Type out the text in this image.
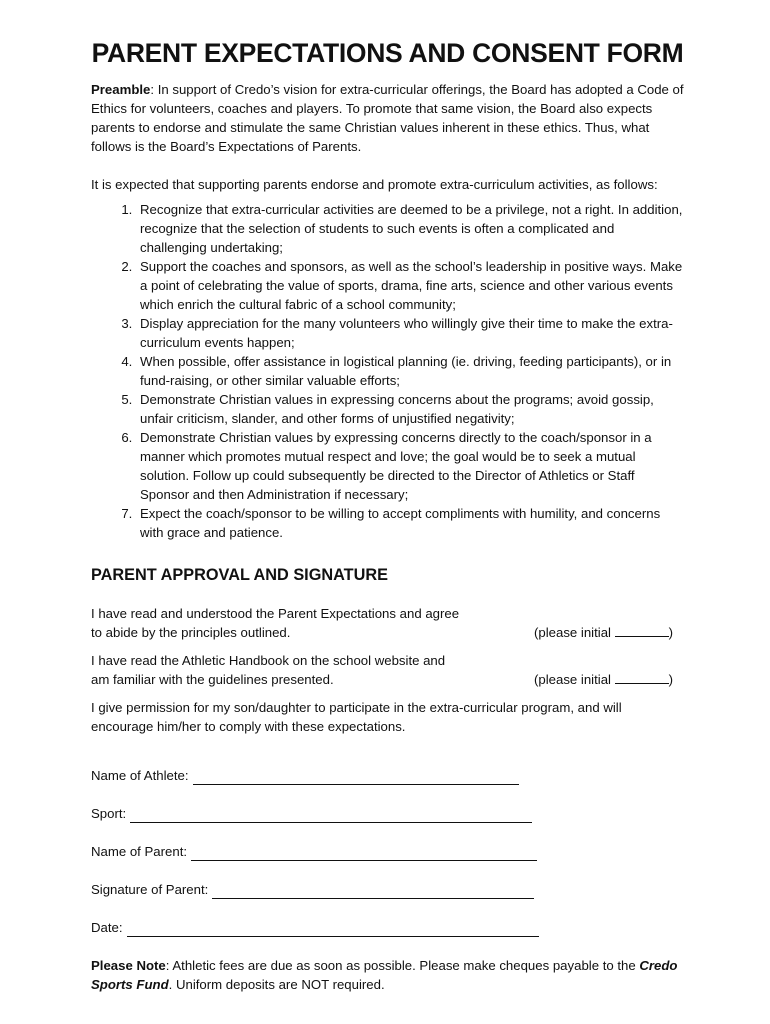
PARENT EXPECTATIONS AND CONSENT FORM

Preamble: In support of Credo’s vision for extra-curricular offerings, the Board has adopted a Code of Ethics for volunteers, coaches and players. To promote that same vision, the Board also expects parents to endorse and stimulate the same Christian values inherent in these ethics. Thus, what follows is the Board’s Expectations of Parents.

It is expected that supporting parents endorse and promote extra-curriculum activities, as follows:

1. Recognize that extra-curricular activities are deemed to be a privilege, not a right. In addition, recognize that the selection of students to such events is often a complicated and challenging undertaking;
2. Support the coaches and sponsors, as well as the school’s leadership in positive ways. Make a point of celebrating the value of sports, drama, fine arts, science and other various events which enrich the cultural fabric of a school community;
3. Display appreciation for the many volunteers who willingly give their time to make the extra-curriculum events happen;
4. When possible, offer assistance in logistical planning (ie. driving, feeding participants), or in fund-raising, or other similar valuable efforts;
5. Demonstrate Christian values in expressing concerns about the programs; avoid gossip, unfair criticism, slander, and other forms of unjustified negativity;
6. Demonstrate Christian values by expressing concerns directly to the coach/sponsor in a manner which promotes mutual respect and love; the goal would be to seek a mutual solution. Follow up could subsequently be directed to the Director of Athletics or Staff Sponsor and then Administration if necessary;
7. Expect the coach/sponsor to be willing to accept compliments with humility, and concerns with grace and patience.
PARENT APPROVAL AND SIGNATURE

I have read and understood the Parent Expectations and agree to abide by the principles outlined.	(please initial	)

I have read the Athletic Handbook on the school website and am familiar with the guidelines presented.	(please initial	)

I give permission for my son/daughter to participate in the extra-curricular program, and will encourage him/her to comply with these expectations.

Name of Athlete:
Sport:
Name of Parent:
Signature of Parent:
Date:

Please Note: Athletic fees are due as soon as possible. Please make cheques payable to the Credo Sports Fund. Uniform deposits are NOT required.
